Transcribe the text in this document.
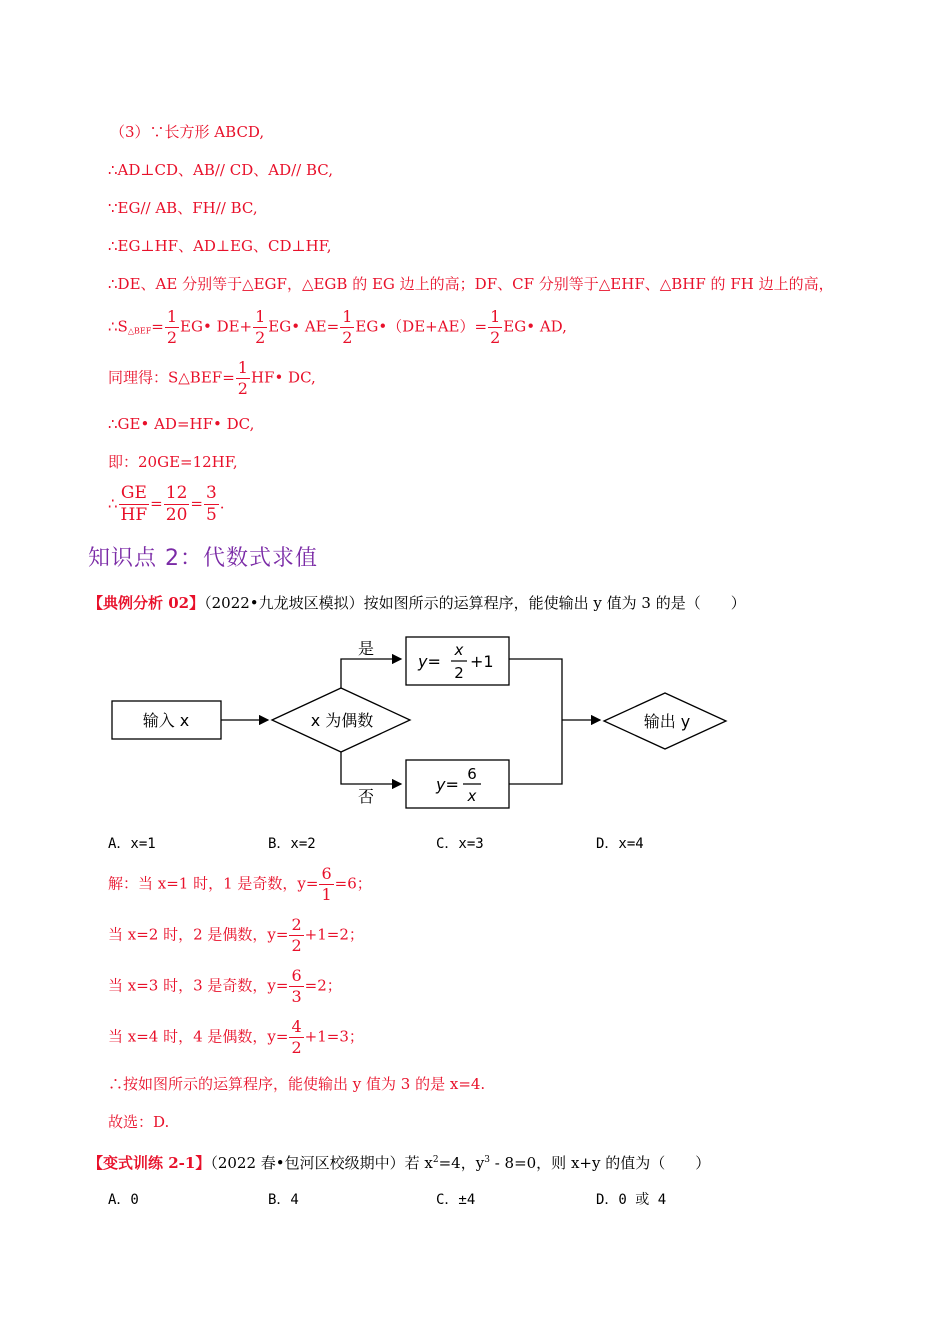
（3）∵长方形 ABCD,
∴AD⊥CD、AB// CD、AD// BC,
∵EG// AB、FH// BC,
∴EG⊥HF、AD⊥EG、CD⊥HF,
∴DE、AE 分别等于△EGF，△EGB 的 EG 边上的高；DF、CF 分别等于△EHF、△BHF 的 FH 边上的高，
$\therefore S_{\triangle BEF}= \frac{1}{2}$ EG• $DE+ \frac{1}{2}$ EG• $AE= \frac{1}{2}$ EG•（DE+AE）= $\frac{1}{2}$ EG• AD,
同理得：S△BEF= $\frac{1}{2}$ HF• DC,
∴GE• AD=HF• DC,
即：20GE=12HF,
∴ $\frac{GE}{HF} = \frac{12}{20} = \frac{3}{5}$ .
知识点 2：代数式求值
【典例分析 02】（2022•九龙坡区模拟）按如图所示的运算程序，能使输出 y 值为 3 的是（　　）
输入 x	x 为偶数
是
否
输出 y
y=
x
2
+1
y=
6
x
A．x=1	B．x=2	C．x=3	D．x=4
解：当 x=1 时，1 是奇数，$y= \frac{6}{1} =6$；
当 x=2 时，2 是偶数，$y= \frac{2}{2} +1=2$；
当 x=3 时，3 是奇数，$y= \frac{6}{3} =2$；
当 x=4 时，4 是偶数，$y= \frac{4}{2} +1=3$；
∴按如图所示的运算程序，能使输出 y 值为 3 的是 x=4.
故选：D.
【变式训练 2-1】（2022 春•包河区校级期中）若 $x^2=4$，$y^3 - 8=0$，则 x+y 的值为（　　）
A．0	B．4	C．±4	D．0 或 4
